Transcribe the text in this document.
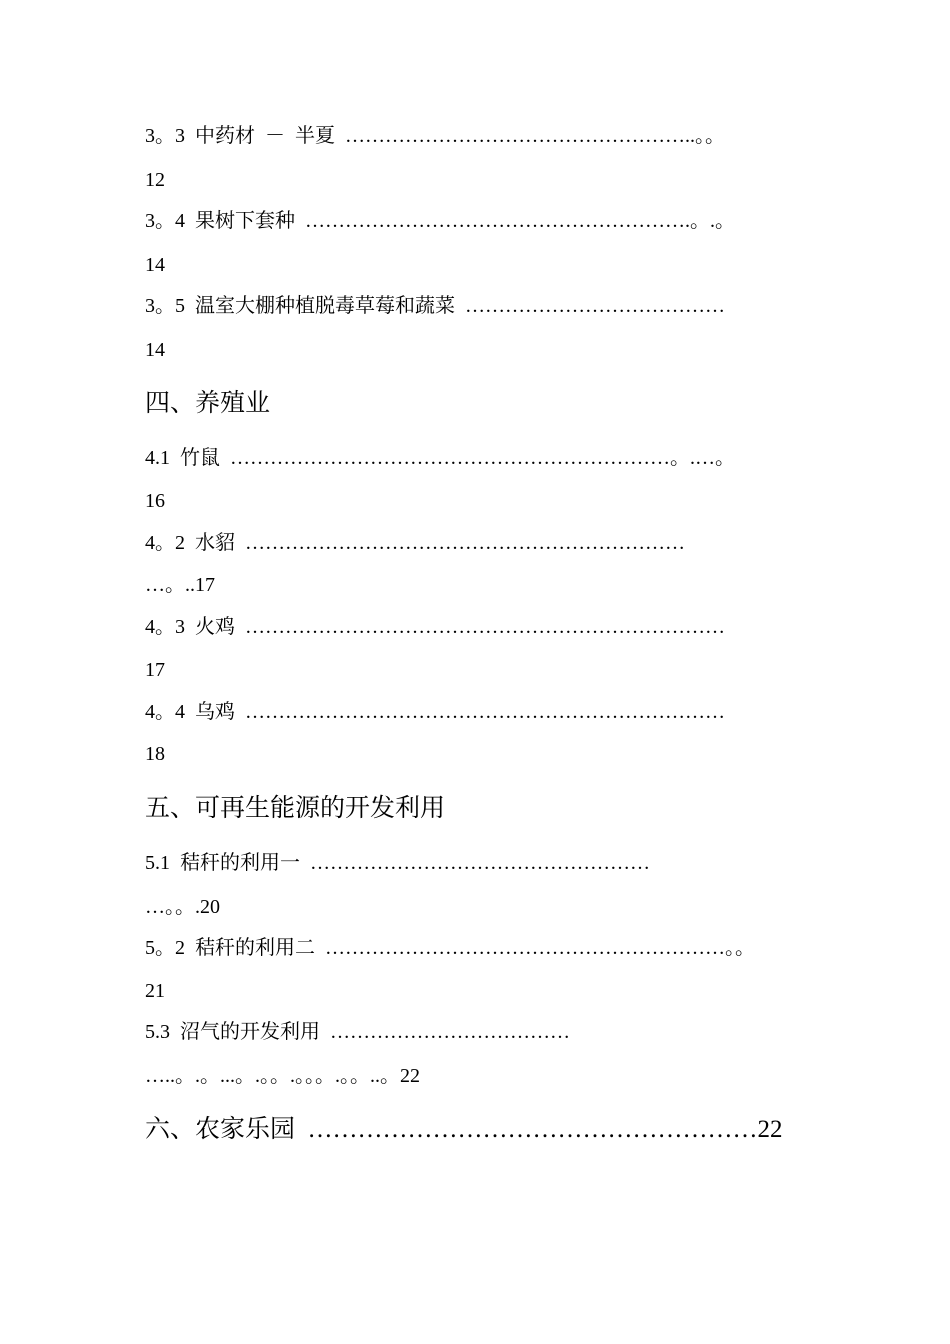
3。3  中药材  －  半夏  ……………………………………………..。。
12
3。4  果树下套种  ………………………………………………….。.。
14
3。5  温室大棚种植脱毒草莓和蔬菜  …………………………………
14
四、养殖业
4.1  竹鼠  …………………………………………………………。.…。
16
4。2  水貂  …………………………………………………………
…。..17
4。3  火鸡  ………………………………………………………………
17
4。4  乌鸡  ………………………………………………………………
18
五、可再生能源的开发利用
5.1  秸秆的利用一  ……………………………………………
…。。.20
5。2  秸秆的利用二  ……………………………………………………。。
21
5.3  沼气的开发利用  ………………………………
…..。.。...。.。。.。。。.。。..。22
六、农家乐园  ………………………………………………22
